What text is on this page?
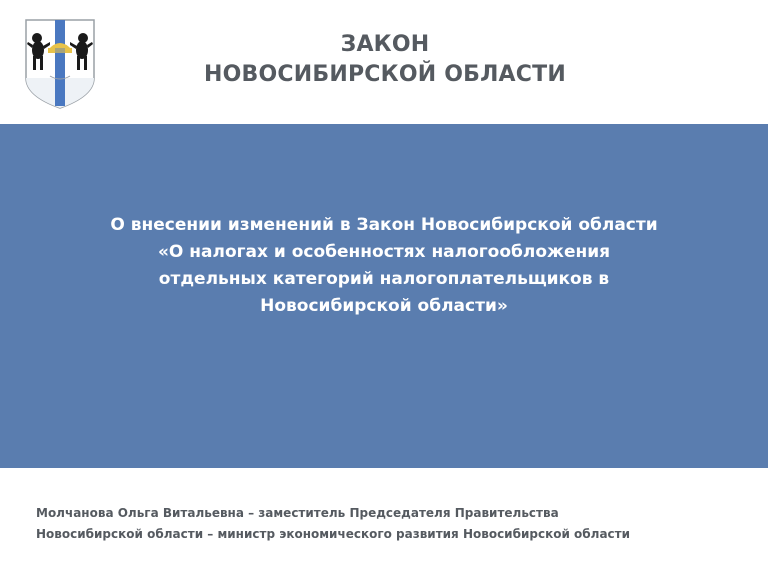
ЗАКОН
НОВОСИБИРСКОЙ ОБЛАСТИ
О внесении изменений в Закон Новосибирской области
«О налогах и особенностях налогообложения
отдельных категорий налогоплательщиков в
Новосибирской области»
Молчанова Ольга Витальевна – заместитель Председателя Правительства
Новосибирской области – министр экономического развития Новосибирской области
